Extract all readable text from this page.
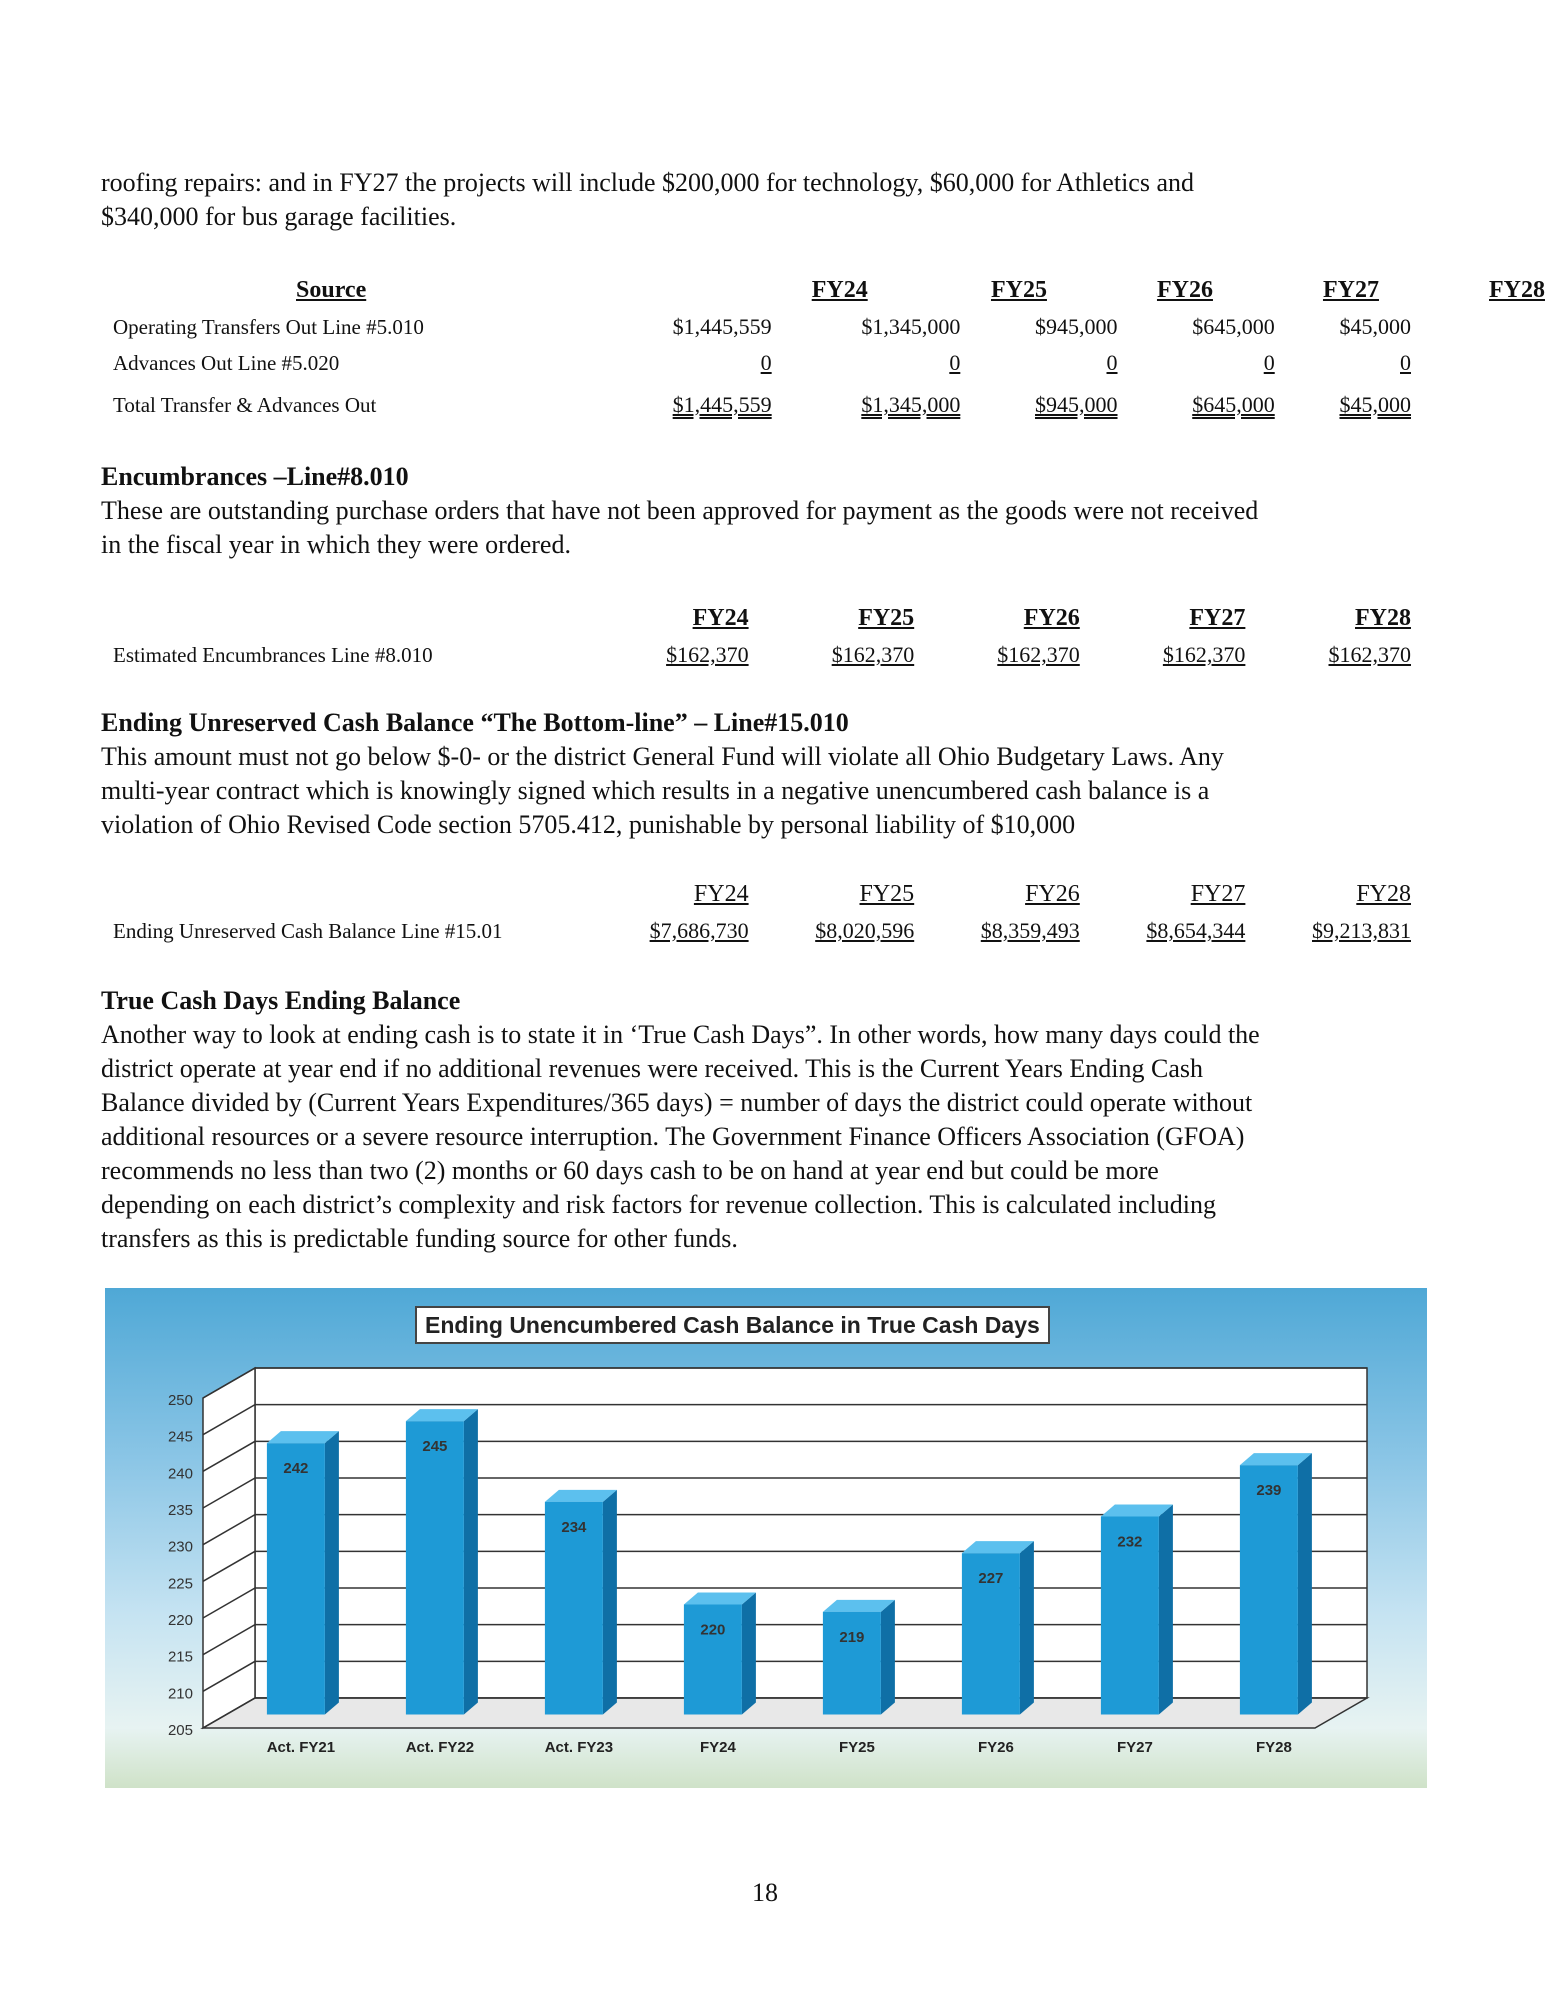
roofing repairs: and in FY27 the projects will include $200,000 for technology, $60,000 for Athletics and

$340,000 for bus garage facilities.

Source	FY24	FY25	FY26	FY27	FY28
Operating Transfers Out Line #5.010	$1,445,559	$1,345,000	$945,000	$645,000	$45,000
Advances Out Line #5.020	0	0	0	0	0
Total Transfer & Advances Out	$1,445,559	$1,345,000	$945,000	$645,000	$45,000

Encumbrances –Line#8.010

These are outstanding purchase orders that have not been approved for payment as the goods were not received

in the fiscal year in which they were ordered.

	FY24	FY25	FY26	FY27	FY28
Estimated Encumbrances Line #8.010	$162,370	$162,370	$162,370	$162,370	$162,370

Ending Unreserved Cash Balance “The Bottom-line” – Line#15.010

This amount must not go below $-0- or the district General Fund will violate all Ohio Budgetary Laws. Any

multi-year contract which is knowingly signed which results in a negative unencumbered cash balance is a

violation of Ohio Revised Code section 5705.412, punishable by personal liability of $10,000

	FY24	FY25	FY26	FY27	FY28
Ending Unreserved Cash Balance Line #15.01	$7,686,730	$8,020,596	$8,359,493	$8,654,344	$9,213,831

True Cash Days Ending Balance

Another way to look at ending cash is to state it in ‘True Cash Days”. In other words, how many days could the

district operate at year end if no additional revenues were received. This is the Current Years Ending Cash

Balance divided by (Current Years Expenditures/365 days) = number of days the district could operate without

additional resources or a severe resource interruption. The Government Finance Officers Association (GFOA)

recommends no less than two (2) months or 60 days cash to be on hand at year end but could be more

depending on each district’s complexity and risk factors for revenue collection. This is calculated including

transfers as this is predictable funding source for other funds.

205
210
215
220
225
230
235
240
245
250
242
Act. FY21
245
Act. FY22
234
Act. FY23
220
FY24
219
FY25
227
FY26
232
FY27
239
FY28
Ending Unencumbered Cash Balance in True Cash Days
18
